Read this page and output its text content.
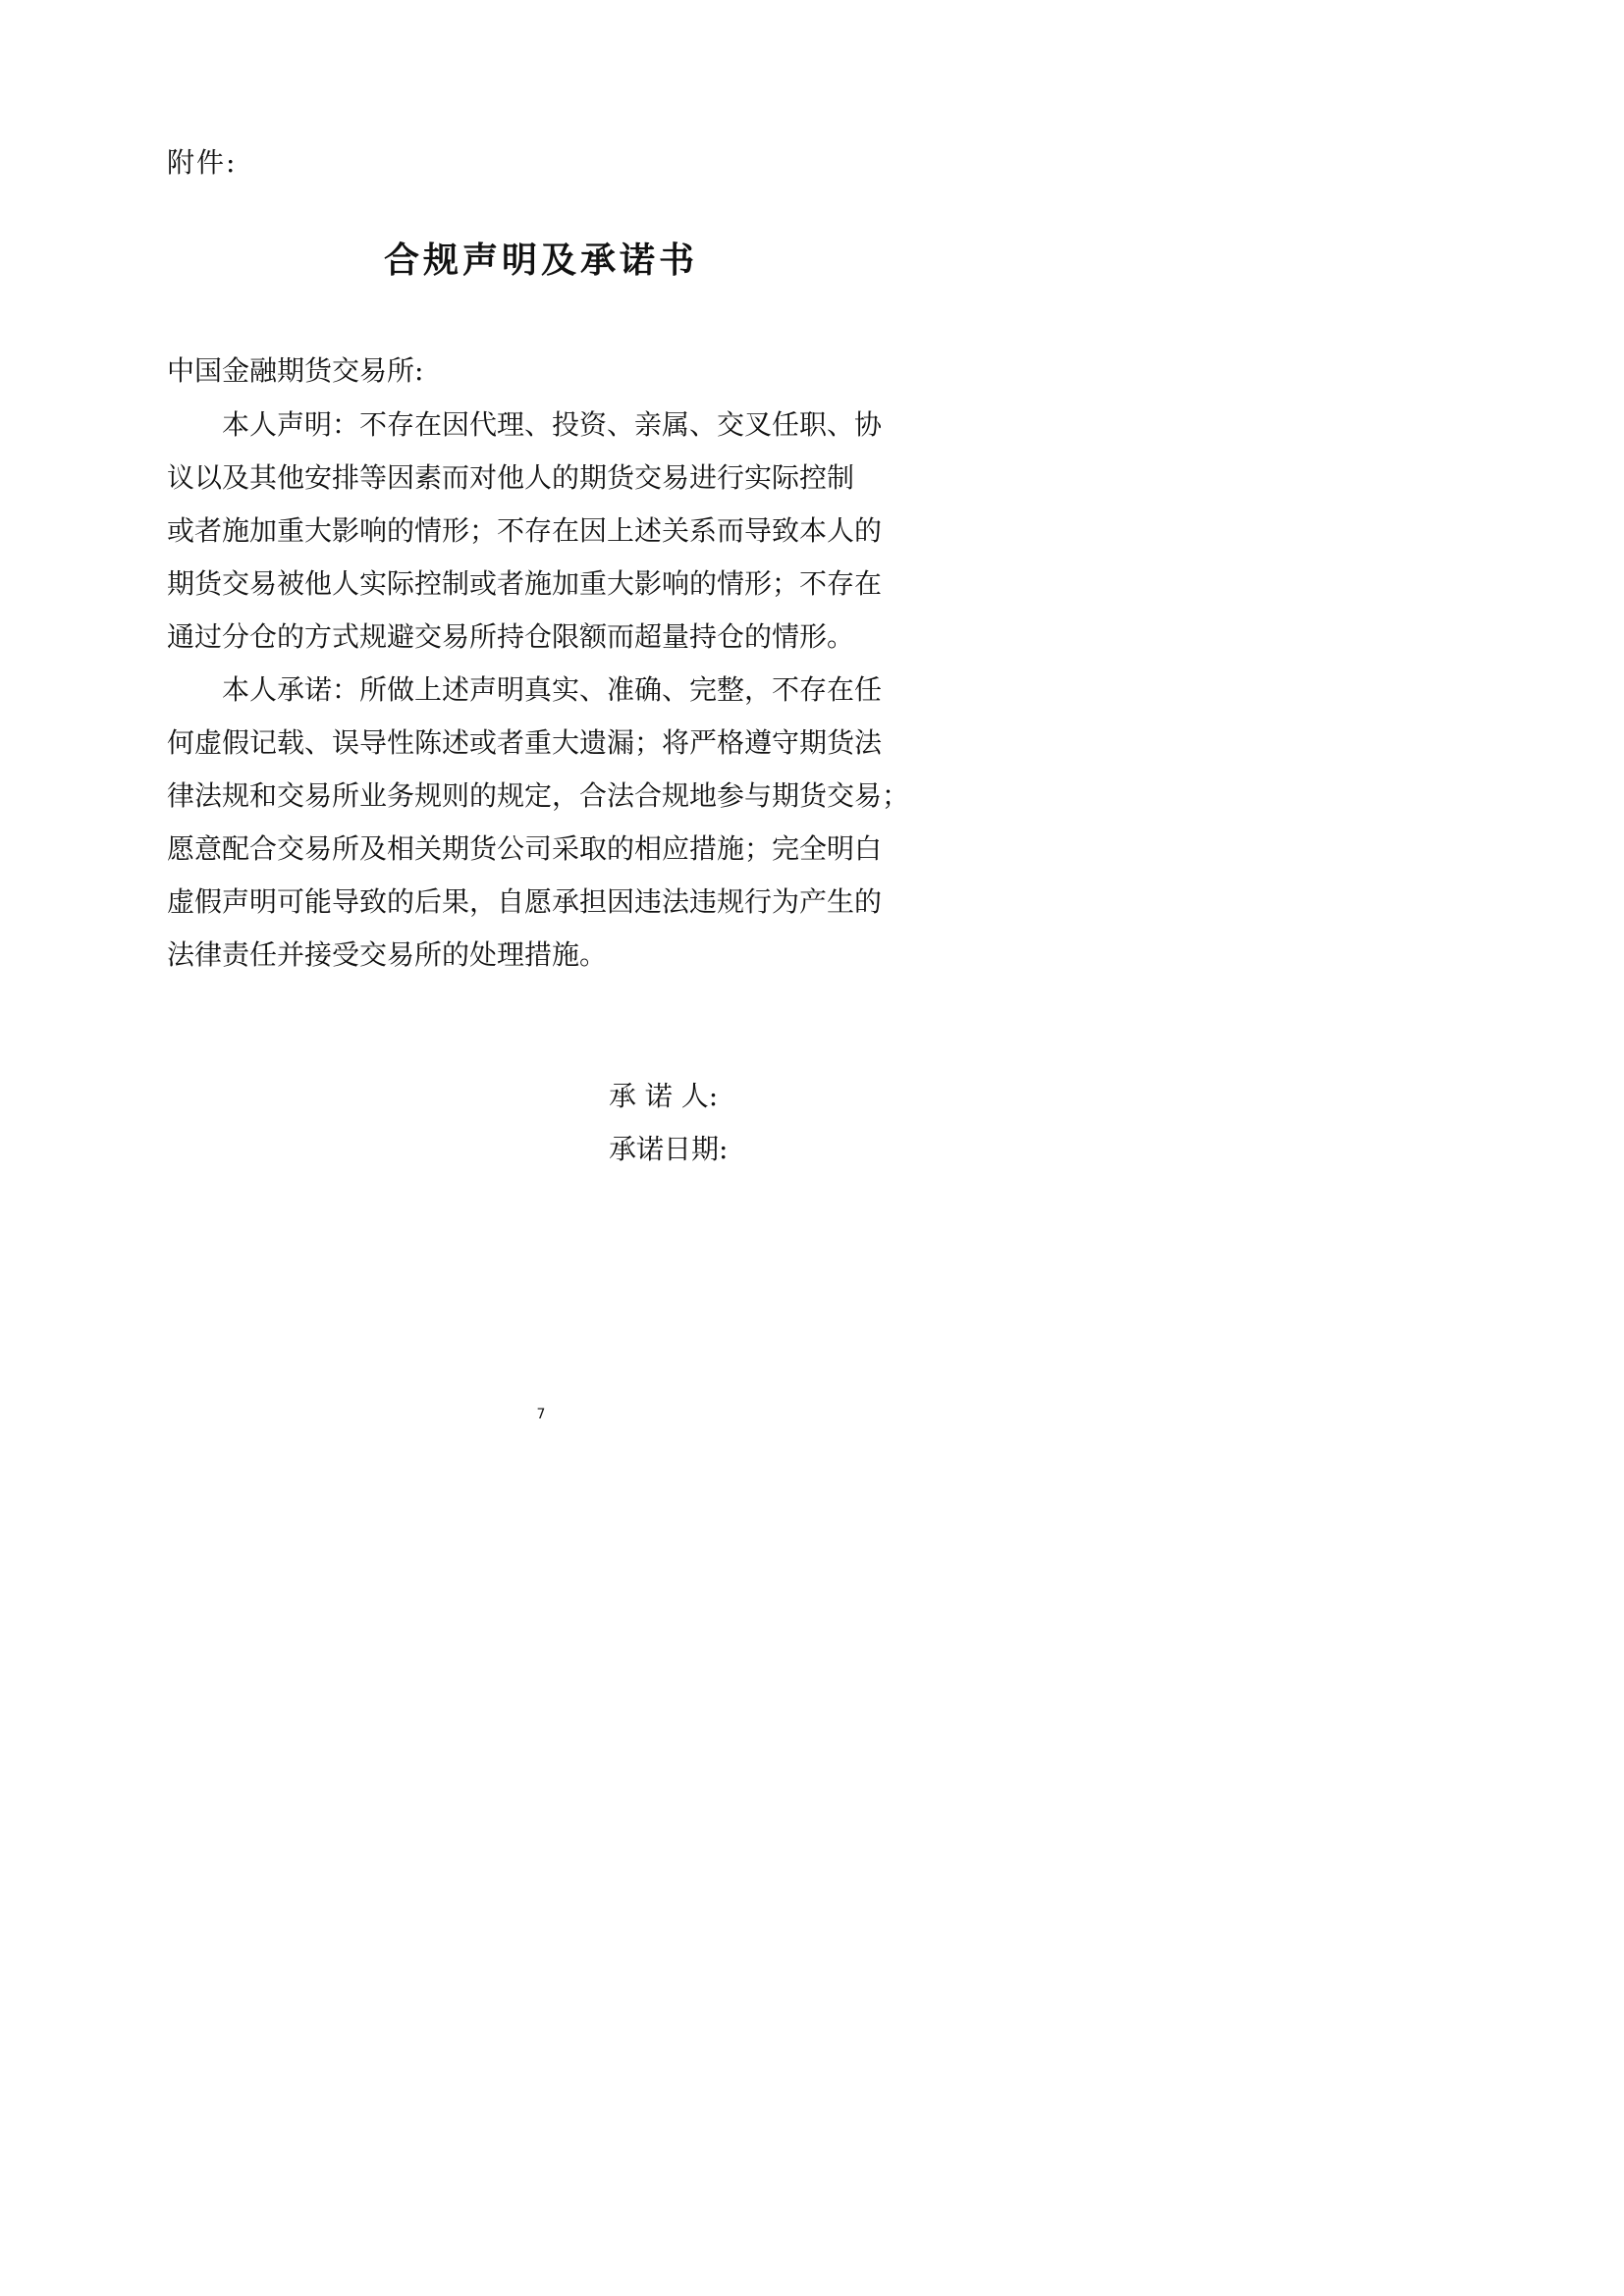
附件:
合规声明及承诺书
中国金融期货交易所:
本人声明：不存在因代理、投资、亲属、交叉任职、协
议以及其他安排等因素而对他人的期货交易进行实际控制
或者施加重大影响的情形；不存在因上述关系而导致本人的
期货交易被他人实际控制或者施加重大影响的情形；不存在
通过分仓的方式规避交易所持仓限额而超量持仓的情形。
本人承诺：所做上述声明真实、准确、完整，不存在任
何虚假记载、误导性陈述或者重大遗漏；将严格遵守期货法
律法规和交易所业务规则的规定，合法合规地参与期货交易；
愿意配合交易所及相关期货公司采取的相应措施；完全明白
虚假声明可能导致的后果，自愿承担因违法违规行为产生的
法律责任并接受交易所的处理措施。
承 诺 人:
承诺日期:
7
